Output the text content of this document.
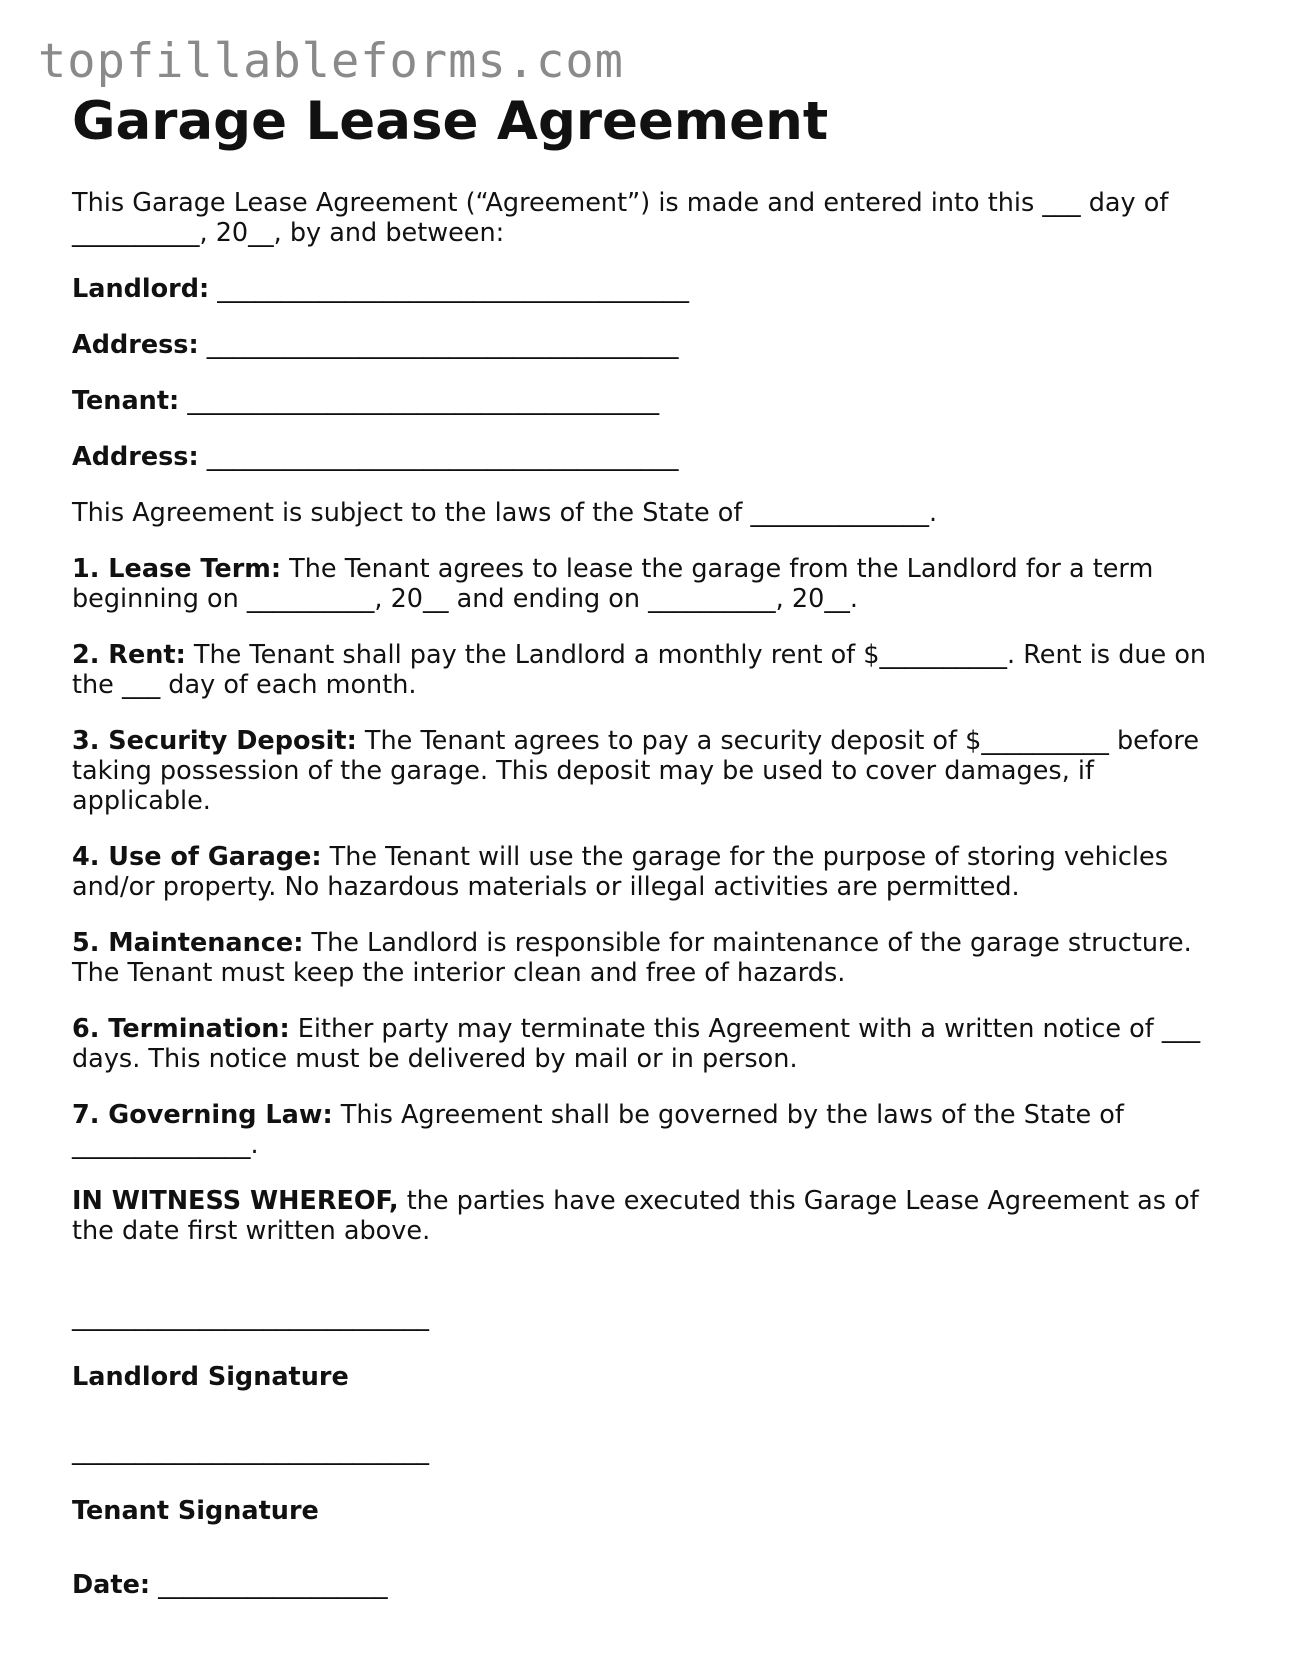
topfillableforms.com
Garage Lease Agreement

This Garage Lease Agreement (“Agreement”) is made and entered into this ___ day of __________, 20__, by and between:

Landlord: _____________________________________

Address: _____________________________________

Tenant: _____________________________________

Address: _____________________________________

This Agreement is subject to the laws of the State of ______________.

1. Lease Term: The Tenant agrees to lease the garage from the Landlord for a term beginning on __________, 20__ and ending on __________, 20__.

2. Rent: The Tenant shall pay the Landlord a monthly rent of $__________. Rent is due on the ___ day of each month.

3. Security Deposit: The Tenant agrees to pay a security deposit of $__________ before taking possession of the garage. This deposit may be used to cover damages, if applicable.

4. Use of Garage: The Tenant will use the garage for the purpose of storing vehicles and/or property. No hazardous materials or illegal activities are permitted.

5. Maintenance: The Landlord is responsible for maintenance of the garage structure. The Tenant must keep the interior clean and free of hazards.

6. Termination: Either party may terminate this Agreement with a written notice of ___ days. This notice must be delivered by mail or in person.

7. Governing Law: This Agreement shall be governed by the laws of the State of ______________.

IN WITNESS WHEREOF, the parties have executed this Garage Lease Agreement as of the date first written above.

____________________________
Landlord Signature
____________________________
Tenant Signature

Date: __________________
